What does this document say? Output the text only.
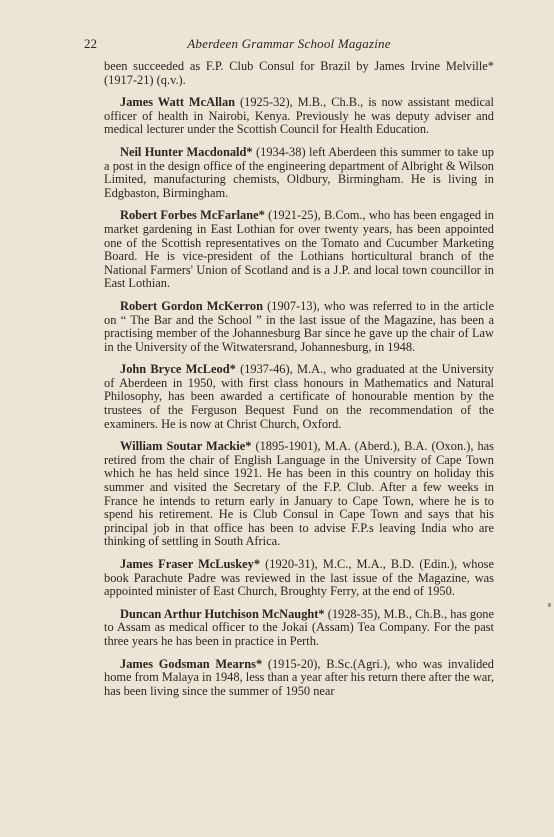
22	Aberdeen Grammar School Magazine

been succeeded as F.P. Club Consul for Brazil by James Irvine Melville* (1917-21) (q.v.).

James Watt McAllan (1925-32), M.B., Ch.B., is now assistant medical officer of health in Nairobi, Kenya. Previously he was deputy adviser and medical lecturer under the Scottish Council for Health Education.

Neil Hunter Macdonald* (1934-38) left Aberdeen this summer to take up a post in the design office of the engineering department of Albright & Wilson Limited, manufacturing chemists, Oldbury, Birmingham. He is living in Edgbaston, Birmingham.

Robert Forbes McFarlane* (1921-25), B.Com., who has been engaged in market gardening in East Lothian for over twenty years, has been appointed one of the Scottish representatives on the Tomato and Cucumber Marketing Board. He is vice-president of the Lothians horticultural branch of the National Farmers' Union of Scotland and is a J.P. and local town councillor in East Lothian.

Robert Gordon McKerron (1907-13), who was referred to in the article on “ The Bar and the School ” in the last issue of the Magazine, has been a practising member of the Johannesburg Bar since he gave up the chair of Law in the University of the Witwatersrand, Johannesburg, in 1948.

John Bryce McLeod* (1937-46), M.A., who graduated at the University of Aberdeen in 1950, with first class honours in Mathematics and Natural Philosophy, has been awarded a certificate of honourable mention by the trustees of the Ferguson Bequest Fund on the recommendation of the examiners. He is now at Christ Church, Oxford.

William Soutar Mackie* (1895-1901), M.A. (Aberd.), B.A. (Oxon.), has retired from the chair of English Language in the University of Cape Town which he has held since 1921. He has been in this country on holiday this summer and visited the Secretary of the F.P. Club. After a few weeks in France he intends to return early in January to Cape Town, where he is to spend his retirement. He is Club Consul in Cape Town and says that his principal job in that office has been to advise F.P.s leaving India who are thinking of settling in South Africa.

James Fraser McLuskey* (1920-31), M.C., M.A., B.D. (Edin.), whose book Parachute Padre was reviewed in the last issue of the Magazine, was appointed minister of East Church, Broughty Ferry, at the end of 1950.

Duncan Arthur Hutchison McNaught* (1928-35), M.B., Ch.B., has gone to Assam as medical officer to the Jokai (Assam) Tea Company. For the past three years he has been in practice in Perth.

James Godsman Mearns* (1915-20), B.Sc.(Agri.), who was invalided home from Malaya in 1948, less than a year after his return there after the war, has been living since the summer of 1950 near
